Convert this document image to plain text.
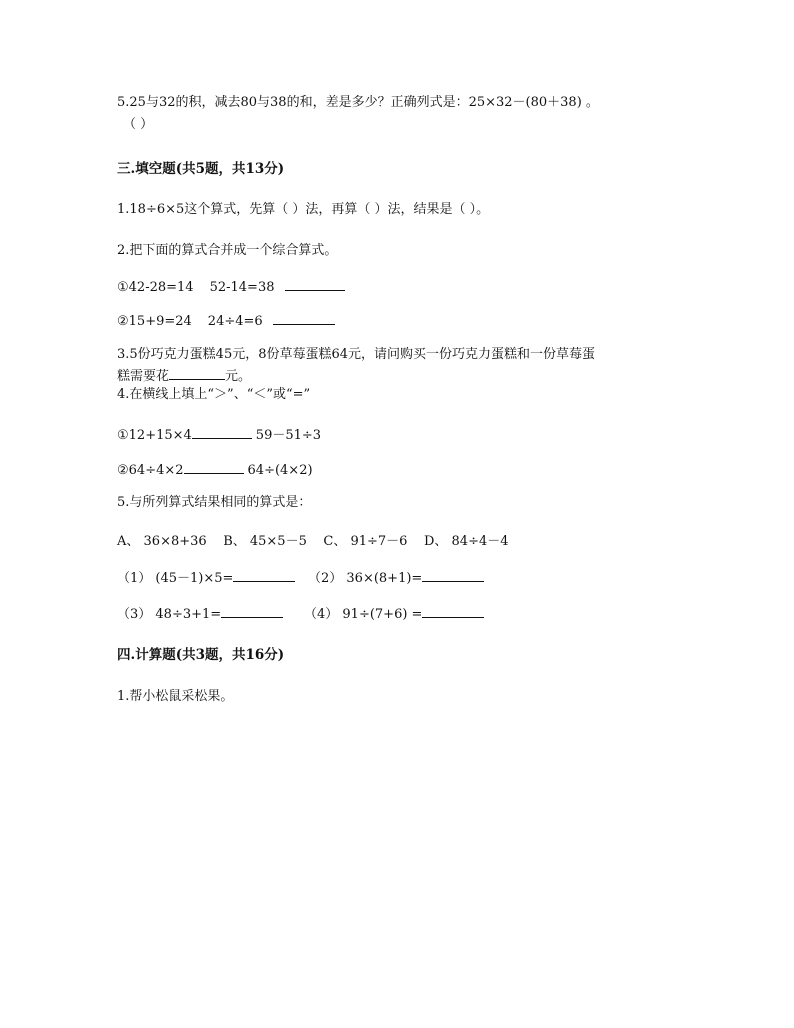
5.25与32的积，减去80与38的和，差是多少？正确列式是：25×32－(80＋38) 。
（ ）
三.填空题(共5题，共13分)
1.18÷6×5这个算式，先算（ ）法，再算（ ）法，结果是（ ）。
2.把下面的算式合并成一个综合算式。
①42-28=14 52-14=38
②15+9=24 24÷4=6
3.5份巧克力蛋糕45元，8份草莓蛋糕64元，请问购买一份巧克力蛋糕和一份草莓蛋
糕需要花	元。
4.在横线上填上“＞”、“＜”或“=”
①12+15×4	59－51÷3
②64÷4×2	64÷(4×2)
5.与所列算式结果相同的算式是：
A、 36×8+36    B、 45×5－5    C、 91÷7－6    D、 84÷4－4
（1） (45－1)×5=	（2） 36×(8+1)=
（3） 48÷3+1=	（4） 91÷(7+6) =
四.计算题(共3题，共16分)
1.帮小松鼠采松果。
